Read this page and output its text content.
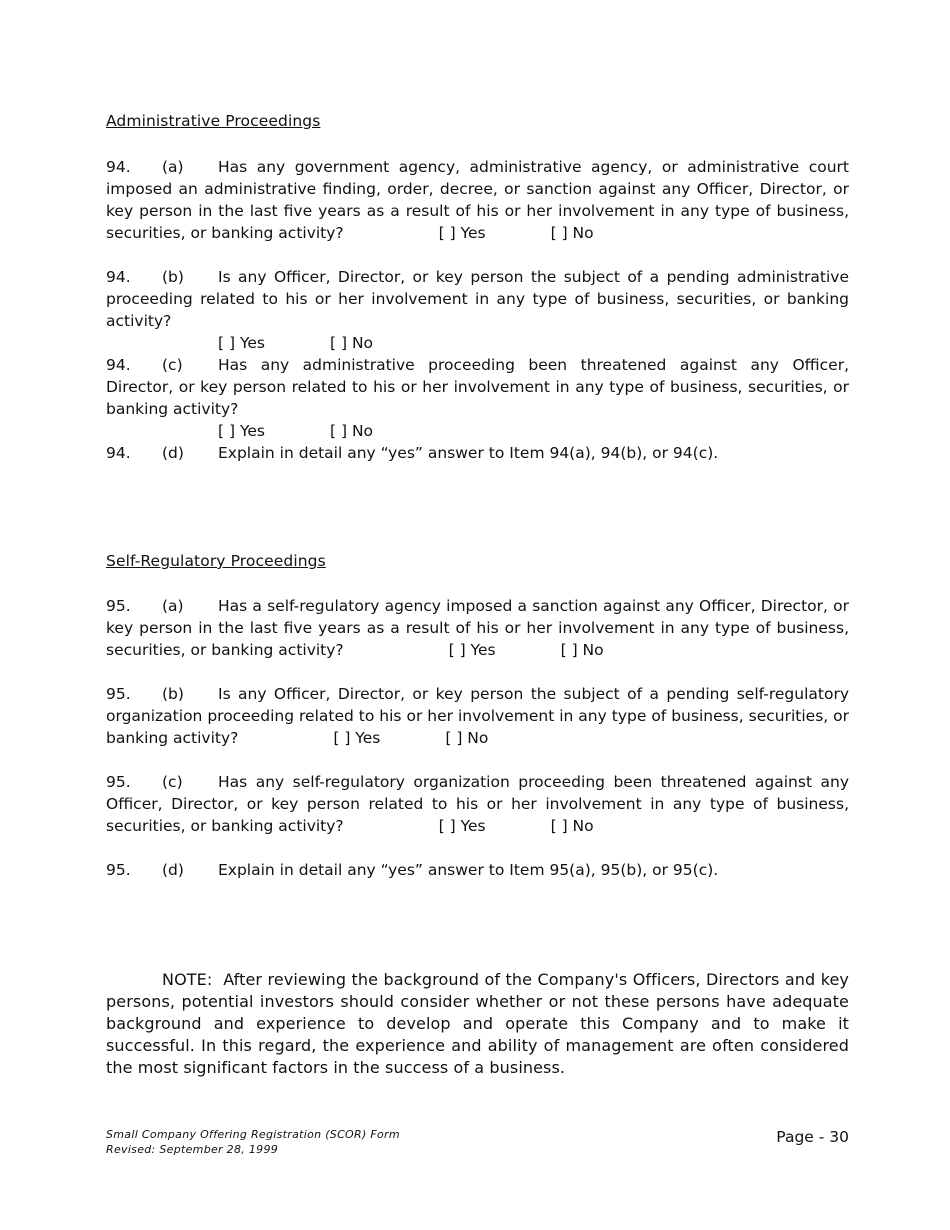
Administrative Proceedings
94. (a) Has any government agency, administrative agency, or administrative court imposed an administrative finding, order, decree, or sanction against any Officer, Director, or key person in the last five years as a result of his or her involvement in any type of business, securities, or banking activity?	[ ] Yes	[ ] No
94. (b) Is any Officer, Director, or key person the subject of a pending administrative proceeding related to his or her involvement in any type of business, securities, or banking activity?
[ ] Yes	[ ] No
94. (c) Has any administrative proceeding been threatened against any Officer, Director, or key person related to his or her involvement in any type of business, securities, or banking activity?
[ ] Yes	[ ] No
94. (d) Explain in detail any “yes” answer to Item 94(a), 94(b), or 94(c).
Self-Regulatory Proceedings
95. (a) Has a self-regulatory agency imposed a sanction against any Officer, Director, or key person in the last five years as a result of his or her involvement in any type of business, securities, or banking activity?	[ ] Yes	[ ] No
95. (b) Is any Officer, Director, or key person the subject of a pending self-regulatory organization proceeding related to his or her involvement in any type of business, securities, or banking activity?	[ ] Yes	[ ] No
95. (c) Has any self-regulatory organization proceeding been threatened against any Officer, Director, or key person related to his or her involvement in any type of business, securities, or banking activity?	[ ] Yes	[ ] No
95. (d) Explain in detail any “yes” answer to Item 95(a), 95(b), or 95(c).
NOTE: After reviewing the background of the Company's Officers, Directors and key persons, potential investors should consider whether or not these persons have adequate background and experience to develop and operate this Company and to make it successful. In this regard, the experience and ability of management are often considered the most significant factors in the success of a business.
Small Company Offering Registration (SCOR) Form
Revised: September 28, 1999
Page - 30
